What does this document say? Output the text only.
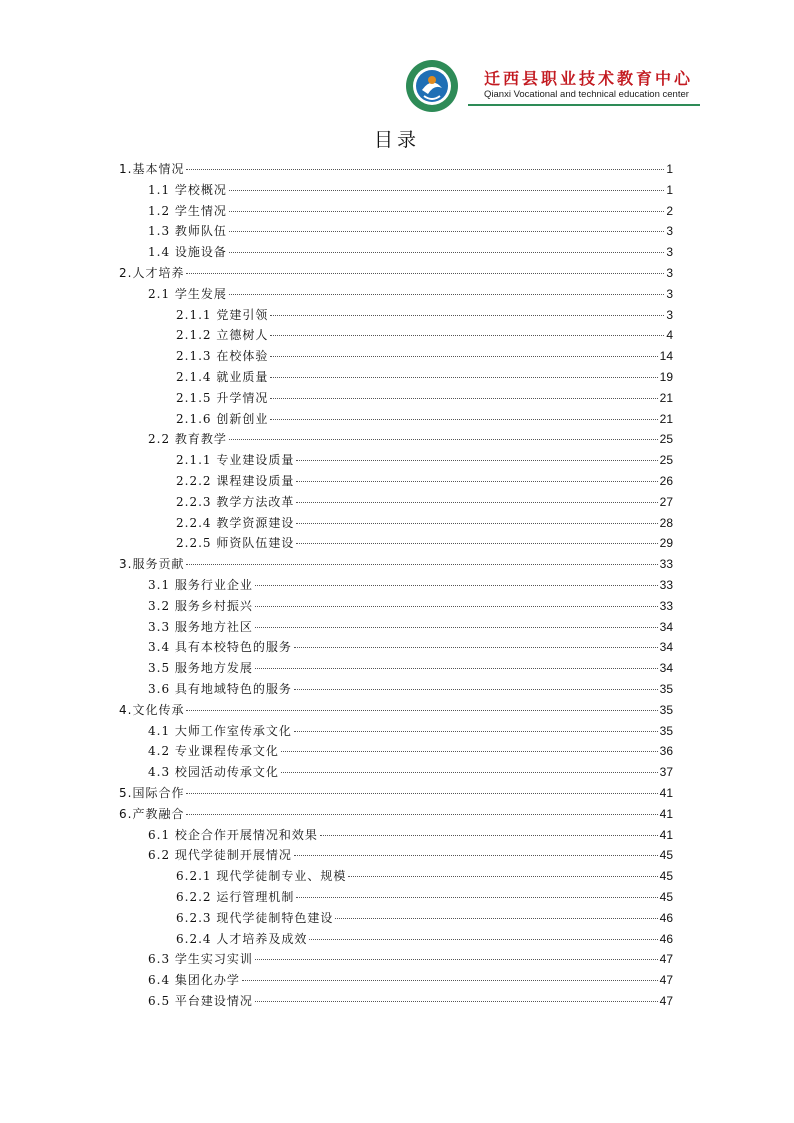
迁西县职业技术教育中心
Qianxi Vocational and technical education center
目录
1.基本情况	1
1.1 学校概况	1
1.2 学生情况	2
1.3 教师队伍	3
1.4 设施设备	3
2.人才培养	3
2.1 学生发展	3
2.1.1 党建引领	3
2.1.2 立德树人	4
2.1.3 在校体验	14
2.1.4 就业质量	19
2.1.5 升学情况	21
2.1.6 创新创业	21
2.2 教育教学	25
2.1.1 专业建设质量	25
2.2.2 课程建设质量	26
2.2.3 教学方法改革	27
2.2.4 教学资源建设	28
2.2.5 师资队伍建设	29
3.服务贡献	33
3.1 服务行业企业	33
3.2 服务乡村振兴	33
3.3 服务地方社区	34
3.4 具有本校特色的服务	34
3.5 服务地方发展	34
3.6 具有地域特色的服务	35
4.文化传承	35
4.1 大师工作室传承文化	35
4.2 专业课程传承文化	36
4.3 校园活动传承文化	37
5.国际合作	41
6.产教融合	41
6.1 校企合作开展情况和效果	41
6.2 现代学徒制开展情况	45
6.2.1 现代学徒制专业、规模	45
6.2.2 运行管理机制	45
6.2.3 现代学徒制特色建设	46
6.2.4 人才培养及成效	46
6.3 学生实习实训	47
6.4 集团化办学	47
6.5 平台建设情况	47
